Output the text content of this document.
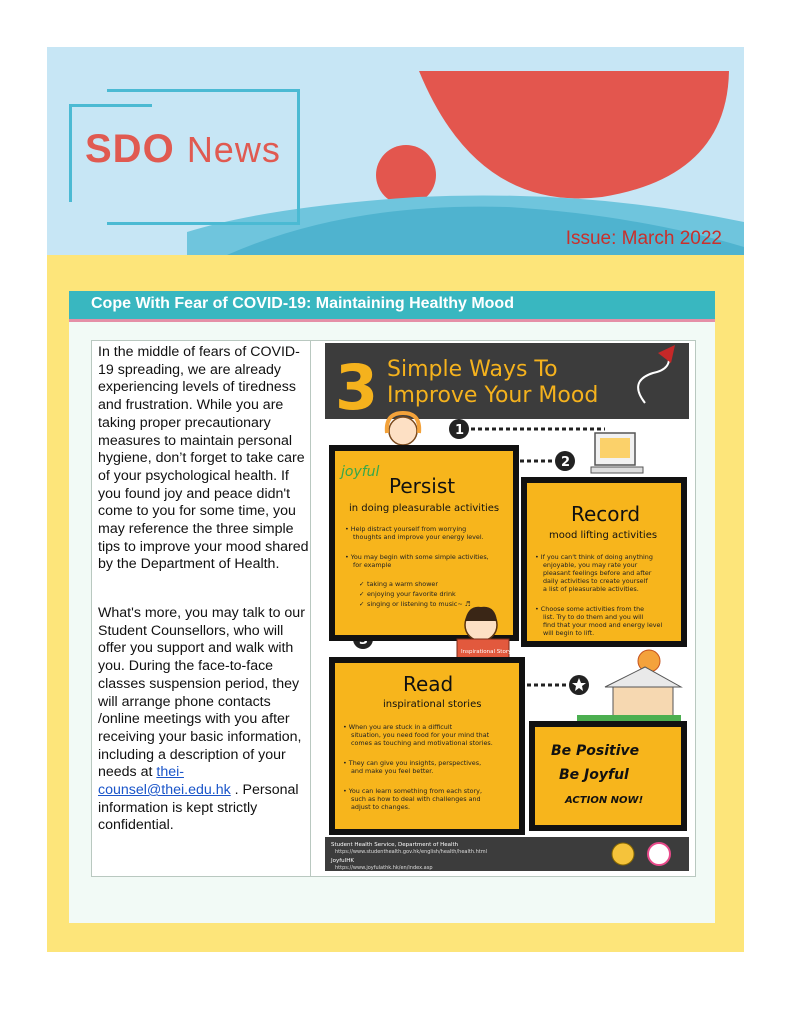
SDO News
Issue: March 2022
Cope With Fear of COVID-19: Maintaining Healthy Mood

In the middle of fears of COVID-19 spreading, we are already experiencing levels of tiredness and frustration. While you are taking proper precautionary measures to maintain personal hygiene, don’t forget to take care of your psychological health. If you found joy and peace didn't come to you for some time, you may reference the three simple tips to improve your mood shared by the Department of Health.

What's more, you may talk to our Student Counsellors, who will offer you support and walk with you. During the face-to-face classes suspension period, they will arrange phone contacts /online meetings with you after receiving your basic information, including a description of your needs at thei-counsel@thei.edu.hk . Personal information is kept strictly confidential.

3 Simple Ways To
Improve Your Mood
1
2
joyful
Persist
in doing pleasurable activities
• Help distract yourself from worrying thoughts and improve your energy level.
• You may begin with some simple activities, for example
taking a warm shower
enjoying your favorite drink
singing or listening to music~ ♬
✓
✓
✓
Record
mood lifting activities
• If you can't think of doing anything enjoyable, you may rate your pleasant feelings before and after daily activities to create yourself a list of pleasurable activities.
• Choose some activities from the list. Try to do them and you will find that your mood and energy level will begin to lift.
Inspirational Story
Read
inspirational stories
• When you are stuck in a difficult situation, you need food for your mind that comes as touching and motivational stories.
• They can give you insights, perspectives, and make you feel better.
• You can learn something from each story, such as how to deal with challenges and adjust to changes.
Be Positive
Be Joyful
ACTION NOW!
Student Health Service, Department of Health
https://www.studenthealth.gov.hk/english/health/health.html
JoyfulHK
https://www.joyfulathk.hk/en/index.asp
